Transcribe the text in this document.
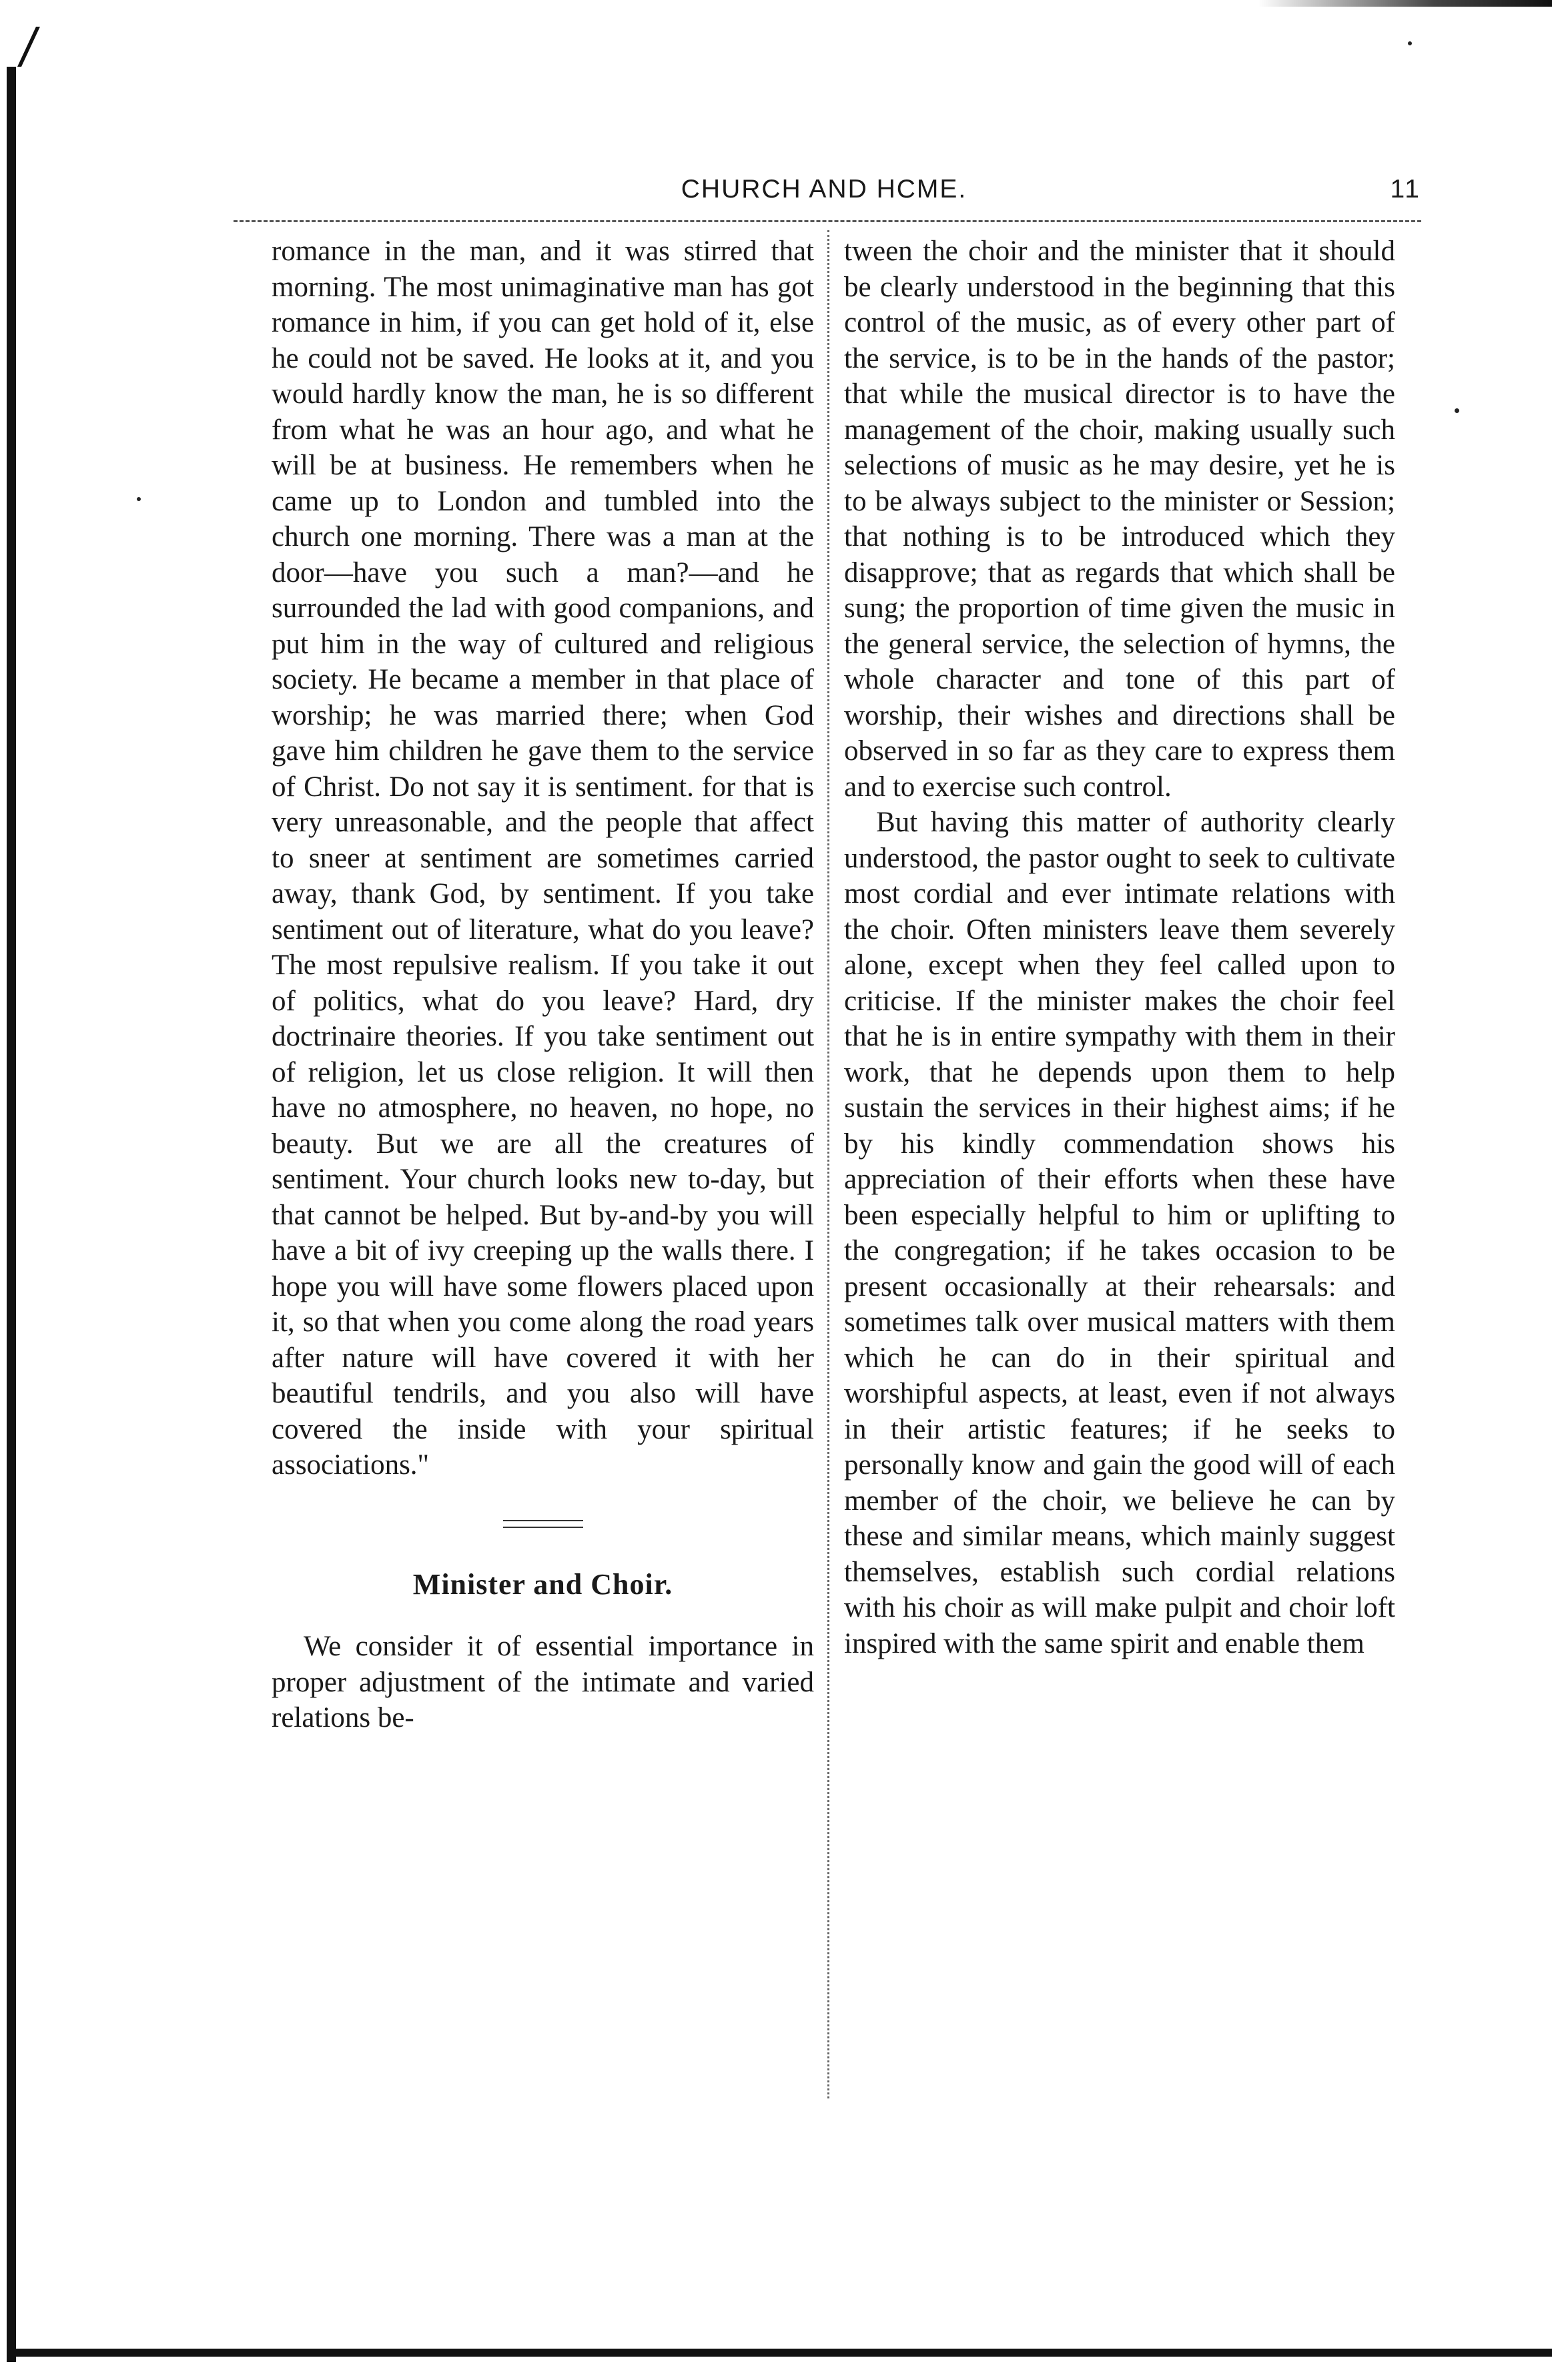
CHURCH AND HCME.	11

romance in the man, and it was stirred that morning. The most unimaginative man has got romance in him, if you can get hold of it, else he could not be saved. He looks at it, and you would hardly know the man, he is so different from what he was an hour ago, and what he will be at business. He remembers when he came up to London and tumbled into the church one morning. There was a man at the door—have you such a man?—and he surrounded the lad with good companions, and put him in the way of cultured and religious society. He became a member in that place of worship; he was married there; when God gave him children he gave them to the service of Christ. Do not say it is sentiment. for that is very unreasonable, and the people that affect to sneer at sentiment are sometimes carried away, thank God, by sentiment. If you take sentiment out of literature, what do you leave? The most repulsive realism. If you take it out of politics, what do you leave? Hard, dry doctrinaire theories. If you take sentiment out of religion, let us close religion. It will then have no atmosphere, no heaven, no hope, no beauty. But we are all the creatures of sentiment. Your church looks new to-day, but that cannot be helped. But by-and-by you will have a bit of ivy creeping up the walls there. I hope you will have some flowers placed upon it, so that when you come along the road years after nature will have covered it with her beautiful tendrils, and you also will have covered the inside with your spiritual associations."

Minister and Choir.

We consider it of essential importance in proper adjustment of the intimate and varied relations be-

tween the choir and the minister that it should be clearly understood in the beginning that this control of the music, as of every other part of the service, is to be in the hands of the pastor; that while the musical director is to have the management of the choir, making usually such selections of music as he may desire, yet he is to be always subject to the minister or Session; that nothing is to be introduced which they disapprove; that as regards that which shall be sung; the proportion of time given the music in the general service, the selection of hymns, the whole character and tone of this part of worship, their wishes and directions shall be observed in so far as they care to express them and to exercise such control.

But having this matter of authority clearly understood, the pastor ought to seek to cultivate most cordial and ever intimate relations with the choir. Often ministers leave them severely alone, except when they feel called upon to criticise. If the minister makes the choir feel that he is in entire sympathy with them in their work, that he depends upon them to help sustain the services in their highest aims; if he by his kindly commendation shows his appreciation of their efforts when these have been especially helpful to him or uplifting to the congregation; if he takes occasion to be present occasionally at their rehearsals: and sometimes talk over musical matters with them which he can do in their spiritual and worshipful aspects, at least, even if not always in their artistic features; if he seeks to personally know and gain the good will of each member of the choir, we believe he can by these and similar means, which mainly suggest themselves, establish such cordial relations with his choir as will make pulpit and choir loft inspired with the same spirit and enable them
